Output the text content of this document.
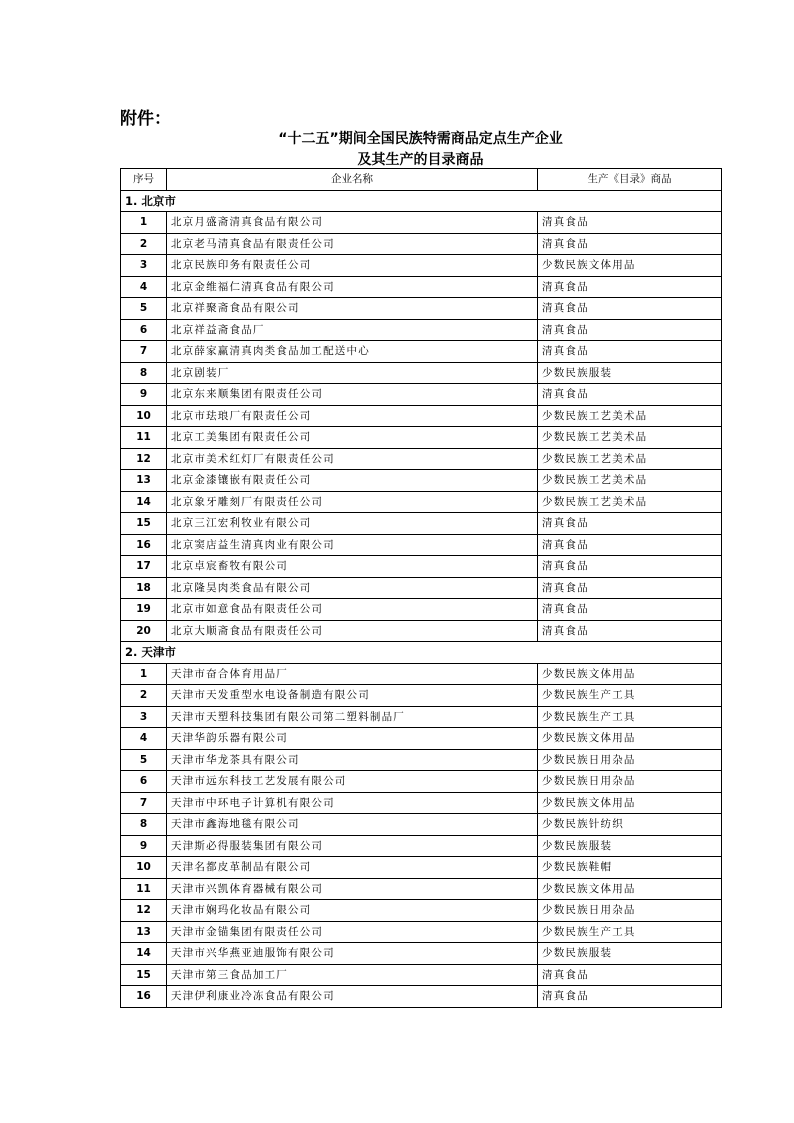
附件：
“十二五”期间全国民族特需商品定点生产企业
及其生产的目录商品
序号	企业名称	生产《目录》商品
1. 北京市		
1	北京月盛斋清真食品有限公司	清真食品
2	北京老马清真食品有限责任公司	清真食品
3	北京民族印务有限责任公司	少数民族文体用品
4	北京金维福仁清真食品有限公司	清真食品
5	北京祥聚斋食品有限公司	清真食品
6	北京祥益斋食品厂	清真食品
7	北京薛家赢清真肉类食品加工配送中心	清真食品
8	北京剧装厂	少数民族服装
9	北京东来顺集团有限责任公司	清真食品
10	北京市珐琅厂有限责任公司	少数民族工艺美术品
11	北京工美集团有限责任公司	少数民族工艺美术品
12	北京市美术红灯厂有限责任公司	少数民族工艺美术品
13	北京金漆镶嵌有限责任公司	少数民族工艺美术品
14	北京象牙雕刻厂有限责任公司	少数民族工艺美术品
15	北京三江宏利牧业有限公司	清真食品
16	北京窦店益生清真肉业有限公司	清真食品
17	北京卓宸畜牧有限公司	清真食品
18	北京隆昊肉类食品有限公司	清真食品
19	北京市如意食品有限责任公司	清真食品
20	北京大顺斋食品有限责任公司	清真食品
2. 天津市		
1	天津市奋合体育用品厂	少数民族文体用品
2	天津市天发重型水电设备制造有限公司	少数民族生产工具
3	天津市天塑科技集团有限公司第二塑料制品厂	少数民族生产工具
4	天津华韵乐器有限公司	少数民族文体用品
5	天津市华龙茶具有限公司	少数民族日用杂品
6	天津市远东科技工艺发展有限公司	少数民族日用杂品
7	天津市中环电子计算机有限公司	少数民族文体用品
8	天津市鑫海地毯有限公司	少数民族针纺织
9	天津斯必得服装集团有限公司	少数民族服装
10	天津名都皮革制品有限公司	少数民族鞋帽
11	天津市兴凯体育器械有限公司	少数民族文体用品
12	天津市娴玛化妆品有限公司	少数民族日用杂品
13	天津市金锚集团有限责任公司	少数民族生产工具
14	天津市兴华燕亚迪服饰有限公司	少数民族服装
15	天津市第三食品加工厂	清真食品
16	天津伊利康业冷冻食品有限公司	清真食品
